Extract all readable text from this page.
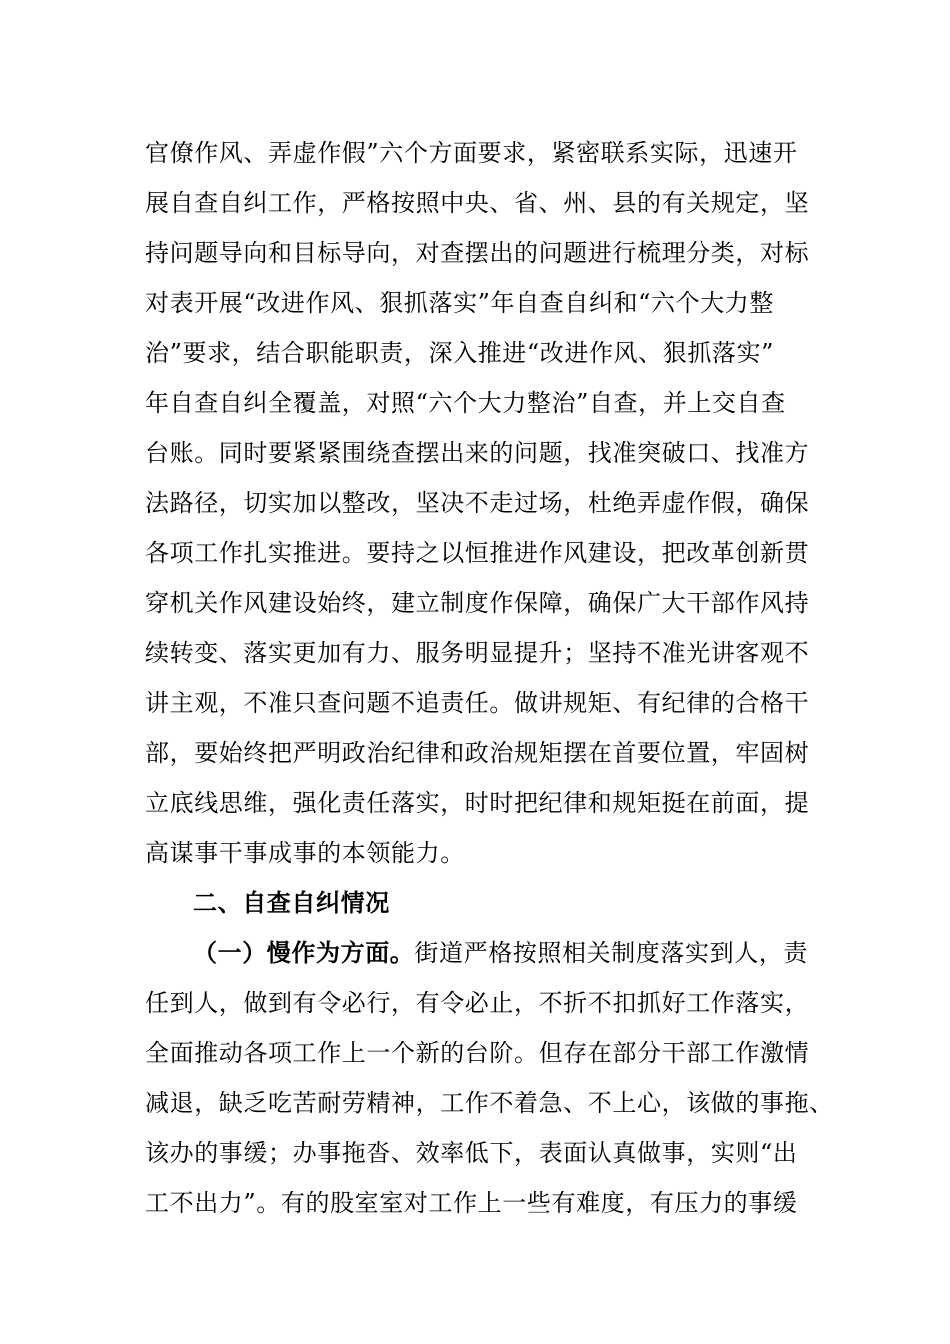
官僚作风、弄虚作假”六个方面要求，紧密联系实际，迅速开
展自查自纠工作，严格按照中央、省、州、县的有关规定，坚
持问题导向和目标导向，对查摆出的问题进行梳理分类，对标
对表开展“改进作风、狠抓落实”年自查自纠和“六个大力整
治”要求，结合职能职责，深入推进“改进作风、狠抓落实”
年自查自纠全覆盖，对照“六个大力整治”自查，并上交自查
台账。同时要紧紧围绕查摆出来的问题，找准突破口、找准方
法路径，切实加以整改，坚决不走过场，杜绝弄虚作假，确保
各项工作扎实推进。要持之以恒推进作风建设，把改革创新贯
穿机关作风建设始终，建立制度作保障，确保广大干部作风持
续转变、落实更加有力、服务明显提升；坚持不准光讲客观不
讲主观，不准只查问题不追责任。做讲规矩、有纪律的合格干
部，要始终把严明政治纪律和政治规矩摆在首要位置，牢固树
立底线思维，强化责任落实，时时把纪律和规矩挺在前面，提
高谋事干事成事的本领能力。
二、自查自纠情况
（一）慢作为方面。街道严格按照相关制度落实到人，责
任到人，做到有令必行，有令必止，不折不扣抓好工作落实，
全面推动各项工作上一个新的台阶。但存在部分干部工作激情
减退，缺乏吃苦耐劳精神，工作不着急、不上心，该做的事拖、
该办的事缓；办事拖沓、效率低下，表面认真做事，实则“出
工不出力”。有的股室室对工作上一些有难度，有压力的事缓
